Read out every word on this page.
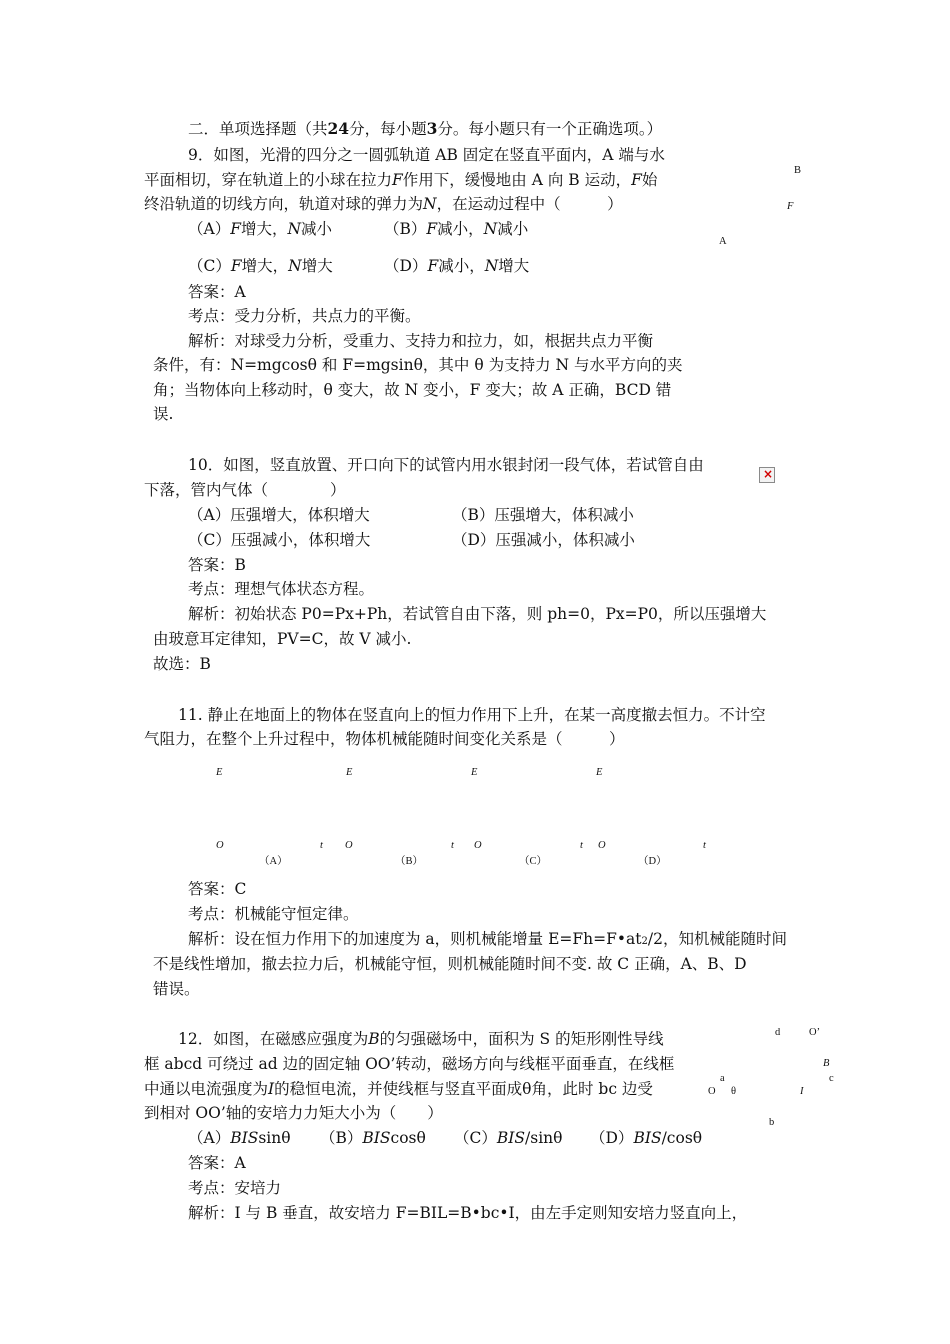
二．单项选择题（共24分，每小题3分。每小题只有一个正确选项。）
9．如图，光滑的四分之一圆弧轨道 AB 固定在竖直平面内，A 端与水
平面相切，穿在轨道上的小球在拉力F作用下，缓慢地由 A 向 B 运动，F始
终沿轨道的切线方向，轨道对球的弹力为N，在运动过程中（　　　）
（A）F增大，N减小	（B）F减小，N减小
（C）F增大，N增大	（D）F减小，N增大
答案：A
考点：受力分析，共点力的平衡。
解析：对球受力分析，受重力、支持力和拉力，如，根据共点力平衡
条件，有：N=mgcosθ 和 F=mgsinθ，其中 θ 为支持力 N 与水平方向的夹
角；当物体向上移动时，θ 变大，故 N 变小，F 变大；故 A 正确，BCD 错
误.
B
F
A
10．如图，竖直放置、开口向下的试管内用水银封闭一段气体，若试管自由
下落，管内气体（　　　　）
×
（A）压强增大，体积增大	（B）压强增大，体积减小
（C）压强减小，体积增大	（D）压强减小，体积减小
答案：B
考点：理想气体状态方程。
解析：初始状态 P0=Px+Ph，若试管自由下落，则 ph=0，Px=P0，所以压强增大
由玻意耳定律知，PV=C，故 V 减小.
故选：B
11. 静止在地面上的物体在竖直向上的恒力作用下上升，在某一高度撤去恒力。不计空
气阻力，在整个上升过程中，物体机械能随时间变化关系是（　　　）
E	E	E	E
O	t O	t O	t O	t
（A）	（B）	（C）	（D）
答案：C
考点：机械能守恒定律。
解析：设在恒力作用下的加速度为 a，则机械能增量 E=Fh=F•at2/2，知机械能随时间
不是线性增加，撤去拉力后，机械能守恒，则机械能随时间不变. 故 C 正确，A、B、D
错误。
12．如图，在磁感应强度为B的匀强磁场中，面积为 S 的矩形刚性导线
框 abcd 可绕过 ad 边的固定轴 OO’转动，磁场方向与线框平面垂直，在线框
中通以电流强度为I的稳恒电流，并使线框与竖直平面成θ角，此时 bc 边受
到相对 OO’轴的安培力力矩大小为（　　）
（A）BISsinθ （B）BIScosθ （C）BIS/sinθ （D）BIS/cosθ
答案：A
考点：安培力
解析：I 与 B 垂直，故安培力 F=BIL=B•bc•I，由左手定则知安培力竖直向上，
d	O’
B
a	c
O θ	I
b
